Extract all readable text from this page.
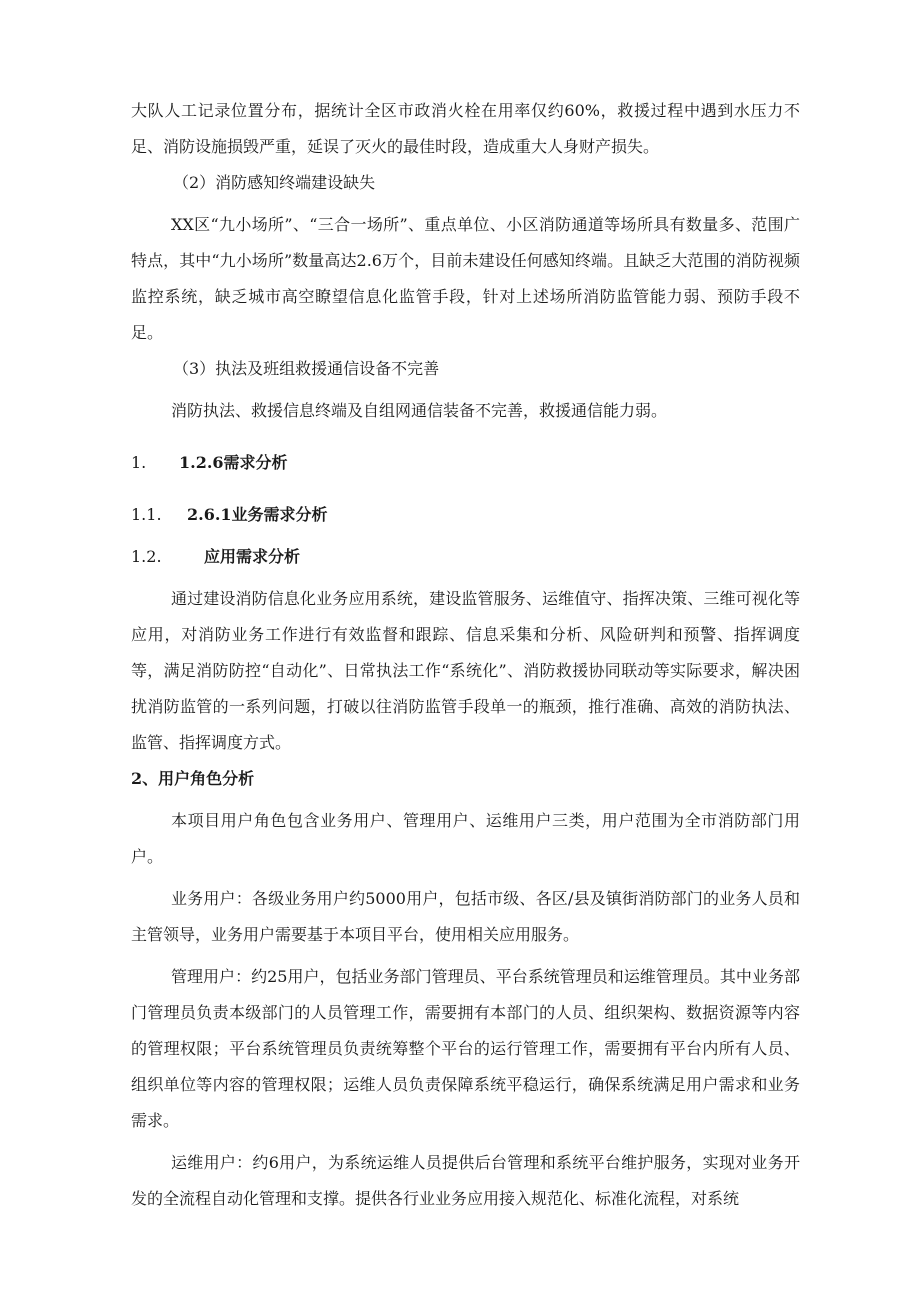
大队人工记录位置分布，据统计全区市政消火栓在用率仅约60%，救援过程中遇到水压力不足、消防设施损毁严重，延误了灭火的最佳时段，造成重大人身财产损失。

（2）消防感知终端建设缺失

XX区“九小场所”、“三合一场所”、重点单位、小区消防通道等场所具有数量多、范围广特点，其中“九小场所”数量高达2.6万个，目前未建设任何感知终端。且缺乏大范围的消防视频监控系统，缺乏城市高空瞭望信息化监管手段，针对上述场所消防监管能力弱、预防手段不足。

（3）执法及班组救援通信设备不完善

消防执法、救援信息终端及自组网通信装备不完善，救援通信能力弱。

1. 1.2.6需求分析

1.1. 2.6.1业务需求分析

1.2.	应用需求分析

通过建设消防信息化业务应用系统，建设监管服务、运维值守、指挥决策、三维可视化等应用，对消防业务工作进行有效监督和跟踪、信息采集和分析、风险研判和预警、指挥调度等，满足消防防控“自动化”、日常执法工作“系统化”、消防救援协同联动等实际要求，解决困扰消防监管的一系列问题，打破以往消防监管手段单一的瓶颈，推行准确、高效的消防执法、监管、指挥调度方式。

2、用户角色分析

本项目用户角色包含业务用户、管理用户、运维用户三类，用户范围为全市消防部门用户。

业务用户：各级业务用户约5000用户，包括市级、各区/县及镇街消防部门的业务人员和主管领导，业务用户需要基于本项目平台，使用相关应用服务。

管理用户：约25用户，包括业务部门管理员、平台系统管理员和运维管理员。其中业务部门管理员负责本级部门的人员管理工作，需要拥有本部门的人员、组织架构、数据资源等内容的管理权限；平台系统管理员负责统筹整个平台的运行管理工作，需要拥有平台内所有人员、组织单位等内容的管理权限；运维人员负责保障系统平稳运行，确保系统满足用户需求和业务需求。

运维用户：约6用户，为系统运维人员提供后台管理和系统平台维护服务，实现对业务开发的全流程自动化管理和支撑。提供各行业业务应用接入规范化、标准化流程，对系统
